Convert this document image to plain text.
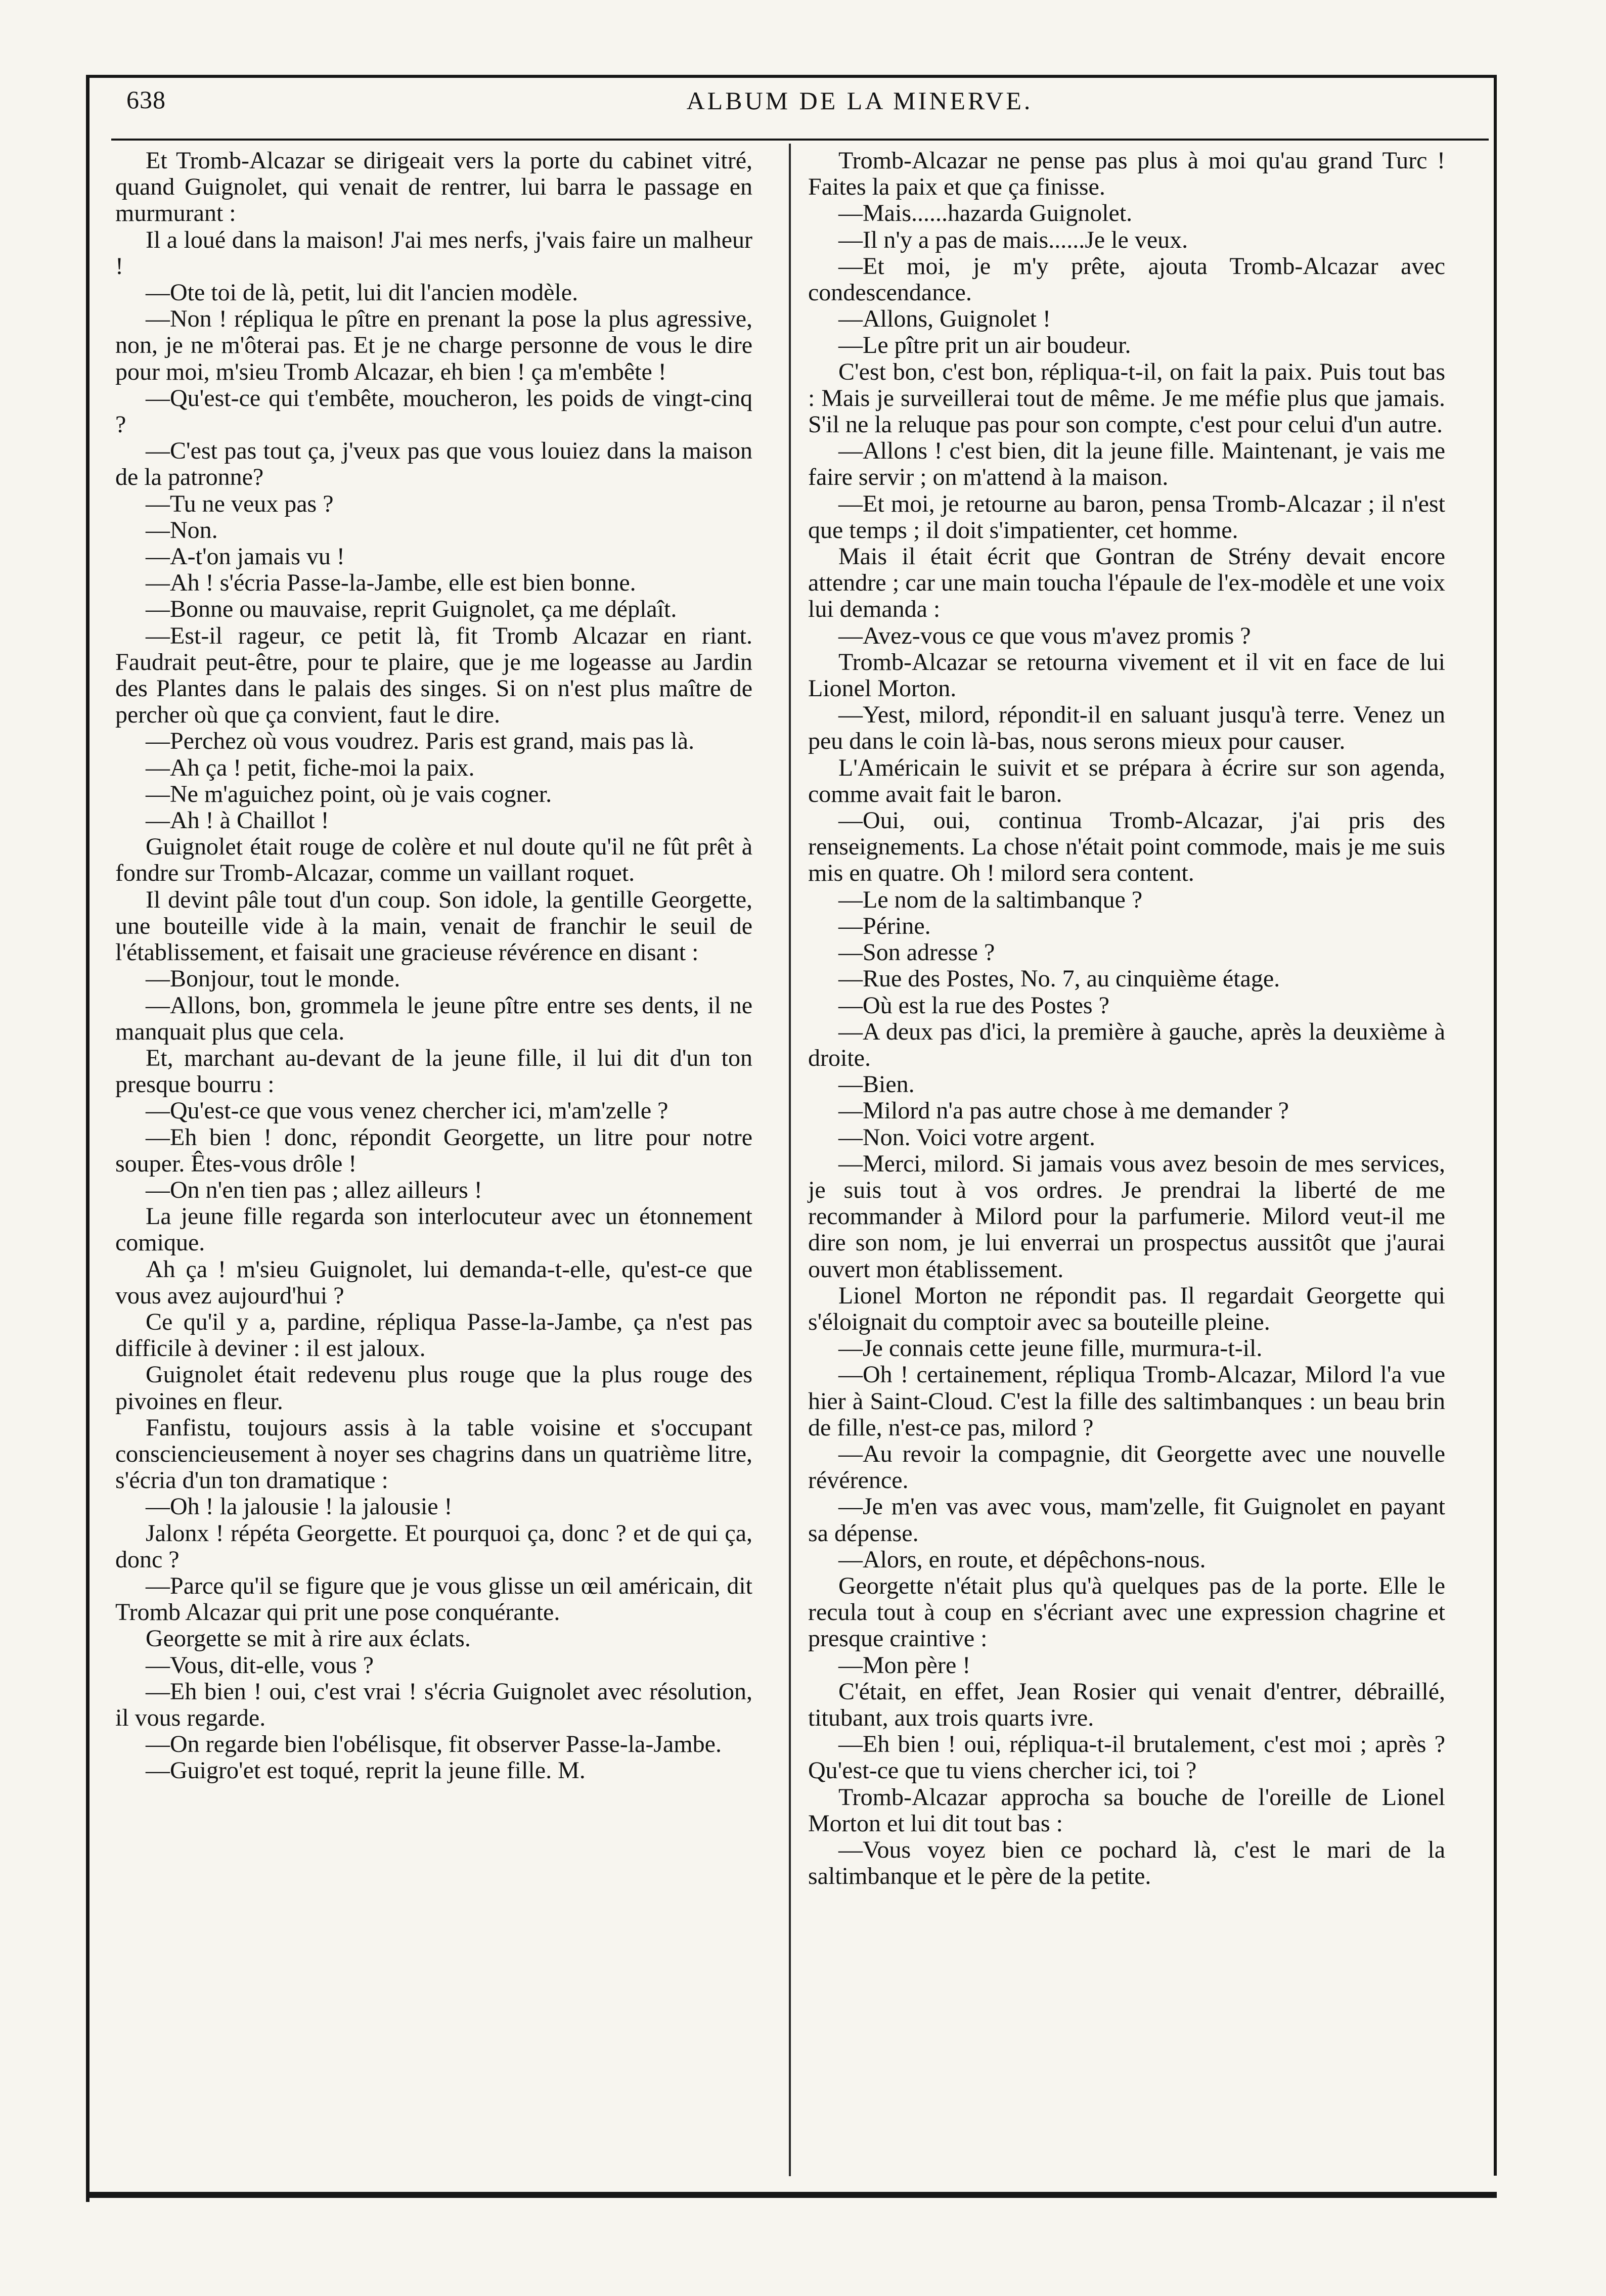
638	ALBUM DE LA MINERVE.

Et Tromb-Alcazar se dirigeait vers la porte du cabinet vitré, quand Guignolet, qui venait de rentrer, lui barra le passage en murmurant :

Il a loué dans la maison! J'ai mes nerfs, j'vais faire un malheur !

—Ote toi de là, petit, lui dit l'ancien modèle.

—Non ! répliqua le pître en prenant la pose la plus agressive, non, je ne m'ôterai pas. Et je ne charge personne de vous le dire pour moi, m'sieu Tromb Alcazar, eh bien ! ça m'embête !

—Qu'est-ce qui t'embête, moucheron, les poids de vingt-cinq ?

—C'est pas tout ça, j'veux pas que vous louiez dans la maison de la patronne?

—Tu ne veux pas ?

—Non.

—A-t'on jamais vu !

—Ah ! s'écria Passe-la-Jambe, elle est bien bonne.

—Bonne ou mauvaise, reprit Guignolet, ça me déplaît.

—Est-il rageur, ce petit là, fit Tromb Alcazar en riant. Faudrait peut-être, pour te plaire, que je me logeasse au Jardin des Plantes dans le palais des singes. Si on n'est plus maître de percher où que ça convient, faut le dire.

—Perchez où vous voudrez. Paris est grand, mais pas là.

—Ah ça ! petit, fiche-moi la paix.

—Ne m'aguichez point, où je vais cogner.

—Ah ! à Chaillot !

Guignolet était rouge de colère et nul doute qu'il ne fût prêt à fondre sur Tromb-Alcazar, comme un vaillant roquet.

Il devint pâle tout d'un coup. Son idole, la gentille Georgette, une bouteille vide à la main, venait de franchir le seuil de l'établissement, et faisait une gracieuse révérence en disant :

—Bonjour, tout le monde.

—Allons, bon, grommela le jeune pître entre ses dents, il ne manquait plus que cela.

Et, marchant au-devant de la jeune fille, il lui dit d'un ton presque bourru :

—Qu'est-ce que vous venez chercher ici, m'am'zelle ?

—Eh bien ! donc, répondit Georgette, un litre pour notre souper. Êtes-vous drôle !

—On n'en tien pas ; allez ailleurs !

La jeune fille regarda son interlocuteur avec un étonnement comique.

Ah ça ! m'sieu Guignolet, lui demanda-t-elle, qu'est-ce que vous avez aujourd'hui ?

Ce qu'il y a, pardine, répliqua Passe-la-Jambe, ça n'est pas difficile à deviner : il est jaloux.

Guignolet était redevenu plus rouge que la plus rouge des pivoines en fleur.

Fanfistu, toujours assis à la table voisine et s'occupant consciencieusement à noyer ses chagrins dans un quatrième litre, s'écria d'un ton dramatique :

—Oh ! la jalousie ! la jalousie !

Jalonx ! répéta Georgette. Et pourquoi ça, donc ? et de qui ça, donc ?

—Parce qu'il se figure que je vous glisse un œil américain, dit Tromb Alcazar qui prit une pose conquérante.

Georgette se mit à rire aux éclats.

—Vous, dit-elle, vous ?

—Eh bien ! oui, c'est vrai ! s'écria Guignolet avec résolution, il vous regarde.

—On regarde bien l'obélisque, fit observer Passe-la-Jambe.

—Guigro'et est toqué, reprit la jeune fille. M.

Tromb-Alcazar ne pense pas plus à moi qu'au grand Turc ! Faites la paix et que ça finisse.

—Mais......hazarda Guignolet.

—Il n'y a pas de mais......Je le veux.

—Et moi, je m'y prête, ajouta Tromb-Alcazar avec condescendance.

—Allons, Guignolet !

—Le pître prit un air boudeur.

C'est bon, c'est bon, répliqua-t-il, on fait la paix. Puis tout bas : Mais je surveillerai tout de même. Je me méfie plus que jamais. S'il ne la reluque pas pour son compte, c'est pour celui d'un autre.

—Allons ! c'est bien, dit la jeune fille. Maintenant, je vais me faire servir ; on m'attend à la maison.

—Et moi, je retourne au baron, pensa Tromb-Alcazar ; il n'est que temps ; il doit s'impatienter, cet homme.

Mais il était écrit que Gontran de Strény devait encore attendre ; car une main toucha l'épaule de l'ex-modèle et une voix lui demanda :

—Avez-vous ce que vous m'avez promis ?

Tromb-Alcazar se retourna vivement et il vit en face de lui Lionel Morton.

—Yest, milord, répondit-il en saluant jusqu'à terre. Venez un peu dans le coin là-bas, nous serons mieux pour causer.

L'Américain le suivit et se prépara à écrire sur son agenda, comme avait fait le baron.

—Oui, oui, continua Tromb-Alcazar, j'ai pris des renseignements. La chose n'était point commode, mais je me suis mis en quatre. Oh ! milord sera content.

—Le nom de la saltimbanque ?

—Périne.

—Son adresse ?

—Rue des Postes, No. 7, au cinquième étage.

—Où est la rue des Postes ?

—A deux pas d'ici, la première à gauche, après la deuxième à droite.

—Bien.

—Milord n'a pas autre chose à me demander ?

—Non. Voici votre argent.

—Merci, milord. Si jamais vous avez besoin de mes services, je suis tout à vos ordres. Je prendrai la liberté de me recommander à Milord pour la parfumerie. Milord veut-il me dire son nom, je lui enverrai un prospectus aussitôt que j'aurai ouvert mon établissement.

Lionel Morton ne répondit pas. Il regardait Georgette qui s'éloignait du comptoir avec sa bouteille pleine.

—Je connais cette jeune fille, murmura-t-il.

—Oh ! certainement, répliqua Tromb-Alcazar, Milord l'a vue hier à Saint-Cloud. C'est la fille des saltimbanques : un beau brin de fille, n'est-ce pas, milord ?

—Au revoir la compagnie, dit Georgette avec une nouvelle révérence.

—Je m'en vas avec vous, mam'zelle, fit Guignolet en payant sa dépense.

—Alors, en route, et dépêchons-nous.

Georgette n'était plus qu'à quelques pas de la porte. Elle le recula tout à coup en s'écriant avec une expression chagrine et presque craintive :

—Mon père !

C'était, en effet, Jean Rosier qui venait d'entrer, débraillé, titubant, aux trois quarts ivre.

—Eh bien ! oui, répliqua-t-il brutalement, c'est moi ; après ? Qu'est-ce que tu viens chercher ici, toi ?

Tromb-Alcazar approcha sa bouche de l'oreille de Lionel Morton et lui dit tout bas :

—Vous voyez bien ce pochard là, c'est le mari de la saltimbanque et le père de la petite.
